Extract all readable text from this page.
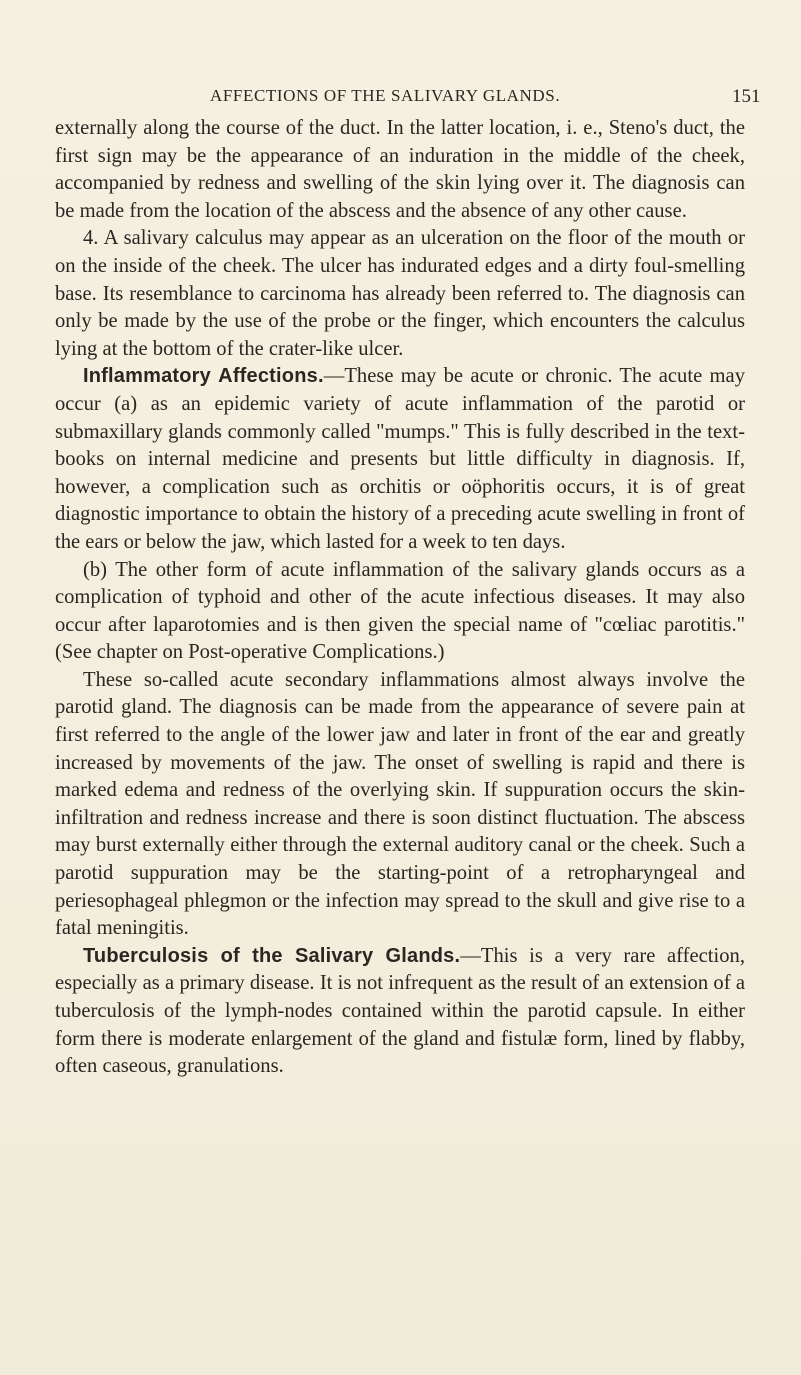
AFFECTIONS OF THE SALIVARY GLANDS.	151

externally along the course of the duct. In the latter location, i. e., Steno's duct, the first sign may be the appearance of an induration in the middle of the cheek, accompanied by redness and swelling of the skin lying over it. The diagnosis can be made from the location of the abscess and the absence of any other cause.

4. A salivary calculus may appear as an ulceration on the floor of the mouth or on the inside of the cheek. The ulcer has indurated edges and a dirty foul-smelling base. Its resemblance to carcinoma has already been referred to. The diagnosis can only be made by the use of the probe or the finger, which encounters the calculus lying at the bottom of the crater-like ulcer.

Inflammatory Affections.—These may be acute or chronic. The acute may occur (a) as an epidemic variety of acute inflammation of the parotid or submaxillary glands commonly called "mumps." This is fully described in the text-books on internal medicine and presents but little difficulty in diagnosis. If, however, a complication such as orchitis or oöphoritis occurs, it is of great diagnostic importance to obtain the history of a preceding acute swelling in front of the ears or below the jaw, which lasted for a week to ten days.

(b) The other form of acute inflammation of the salivary glands occurs as a complication of typhoid and other of the acute infectious diseases. It may also occur after laparotomies and is then given the special name of "cœliac parotitis." (See chapter on Post-operative Complications.)

These so-called acute secondary inflammations almost always involve the parotid gland. The diagnosis can be made from the appearance of severe pain at first referred to the angle of the lower jaw and later in front of the ear and greatly increased by movements of the jaw. The onset of swelling is rapid and there is marked edema and redness of the overlying skin. If suppuration occurs the skin-infiltration and redness increase and there is soon distinct fluctuation. The abscess may burst externally either through the external auditory canal or the cheek. Such a parotid suppuration may be the starting-point of a retropharyngeal and periesophageal phlegmon or the infection may spread to the skull and give rise to a fatal meningitis.

Tuberculosis of the Salivary Glands.—This is a very rare affection, especially as a primary disease. It is not infrequent as the result of an extension of a tuberculosis of the lymph-nodes contained within the parotid capsule. In either form there is moderate enlargement of the gland and fistulæ form, lined by flabby, often caseous, granulations.
